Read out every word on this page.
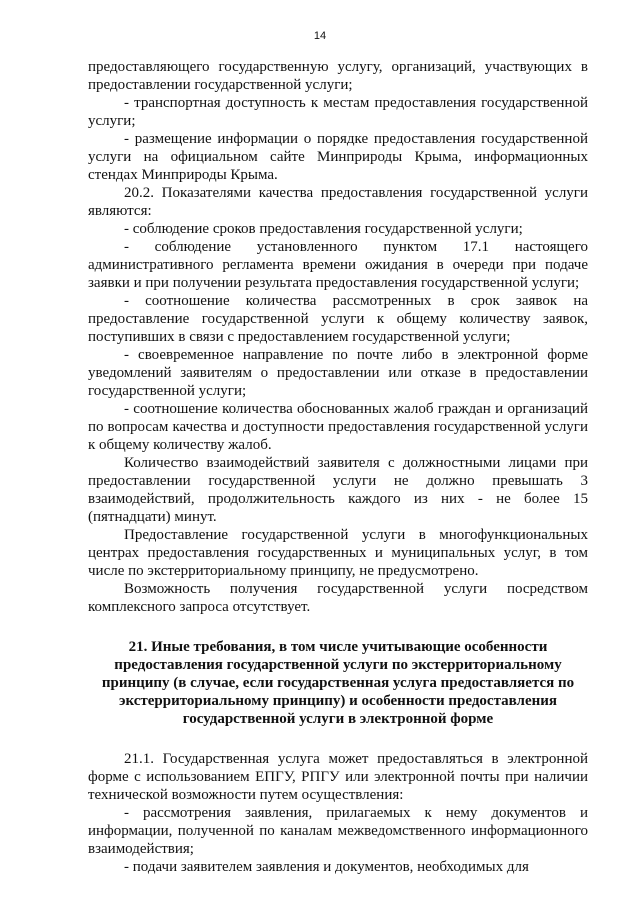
14

предоставляющего государственную услугу, организаций, участвующих в предоставлении государственной услуги;

- транспортная доступность к местам предоставления государственной услуги;

- размещение информации о порядке предоставления государственной услуги на официальном сайте Минприроды Крыма, информационных стендах Минприроды Крыма.

20.2. Показателями качества предоставления государственной услуги являются:

- соблюдение сроков предоставления государственной услуги;

- соблюдение установленного пунктом 17.1 настоящего административного регламента времени ожидания в очереди при подаче заявки и при получении результата предоставления государственной услуги;

- соотношение количества рассмотренных в срок заявок на предоставление государственной услуги к общему количеству заявок, поступивших в связи с предоставлением государственной услуги;

- своевременное направление по почте либо в электронной форме уведомлений заявителям о предоставлении или отказе в предоставлении государственной услуги;

- соотношение количества обоснованных жалоб граждан и организаций по вопросам качества и доступности предоставления государственной услуги к общему количеству жалоб.

Количество взаимодействий заявителя с должностными лицами при предоставлении государственной услуги не должно превышать 3 взаимодействий, продолжительность каждого из них - не более 15 (пятнадцати) минут.

Предоставление государственной услуги в многофункциональных центрах предоставления государственных и муниципальных услуг, в том числе по экстерриториальному принципу, не предусмотрено.

Возможность получения государственной услуги посредством комплексного запроса отсутствует.

21. Иные требования, в том числе учитывающие особенности предоставления государственной услуги по экстерриториальному принципу (в случае, если государственная услуга предоставляется по экстерриториальному принципу) и особенности предоставления государственной услуги в электронной форме

21.1. Государственная услуга может предоставляться в электронной форме с использованием ЕПГУ, РПГУ или электронной почты при наличии технической возможности путем осуществления:

- рассмотрения заявления, прилагаемых к нему документов и информации, полученной по каналам межведомственного информационного взаимодействия;

- подачи заявителем заявления и документов, необходимых для
